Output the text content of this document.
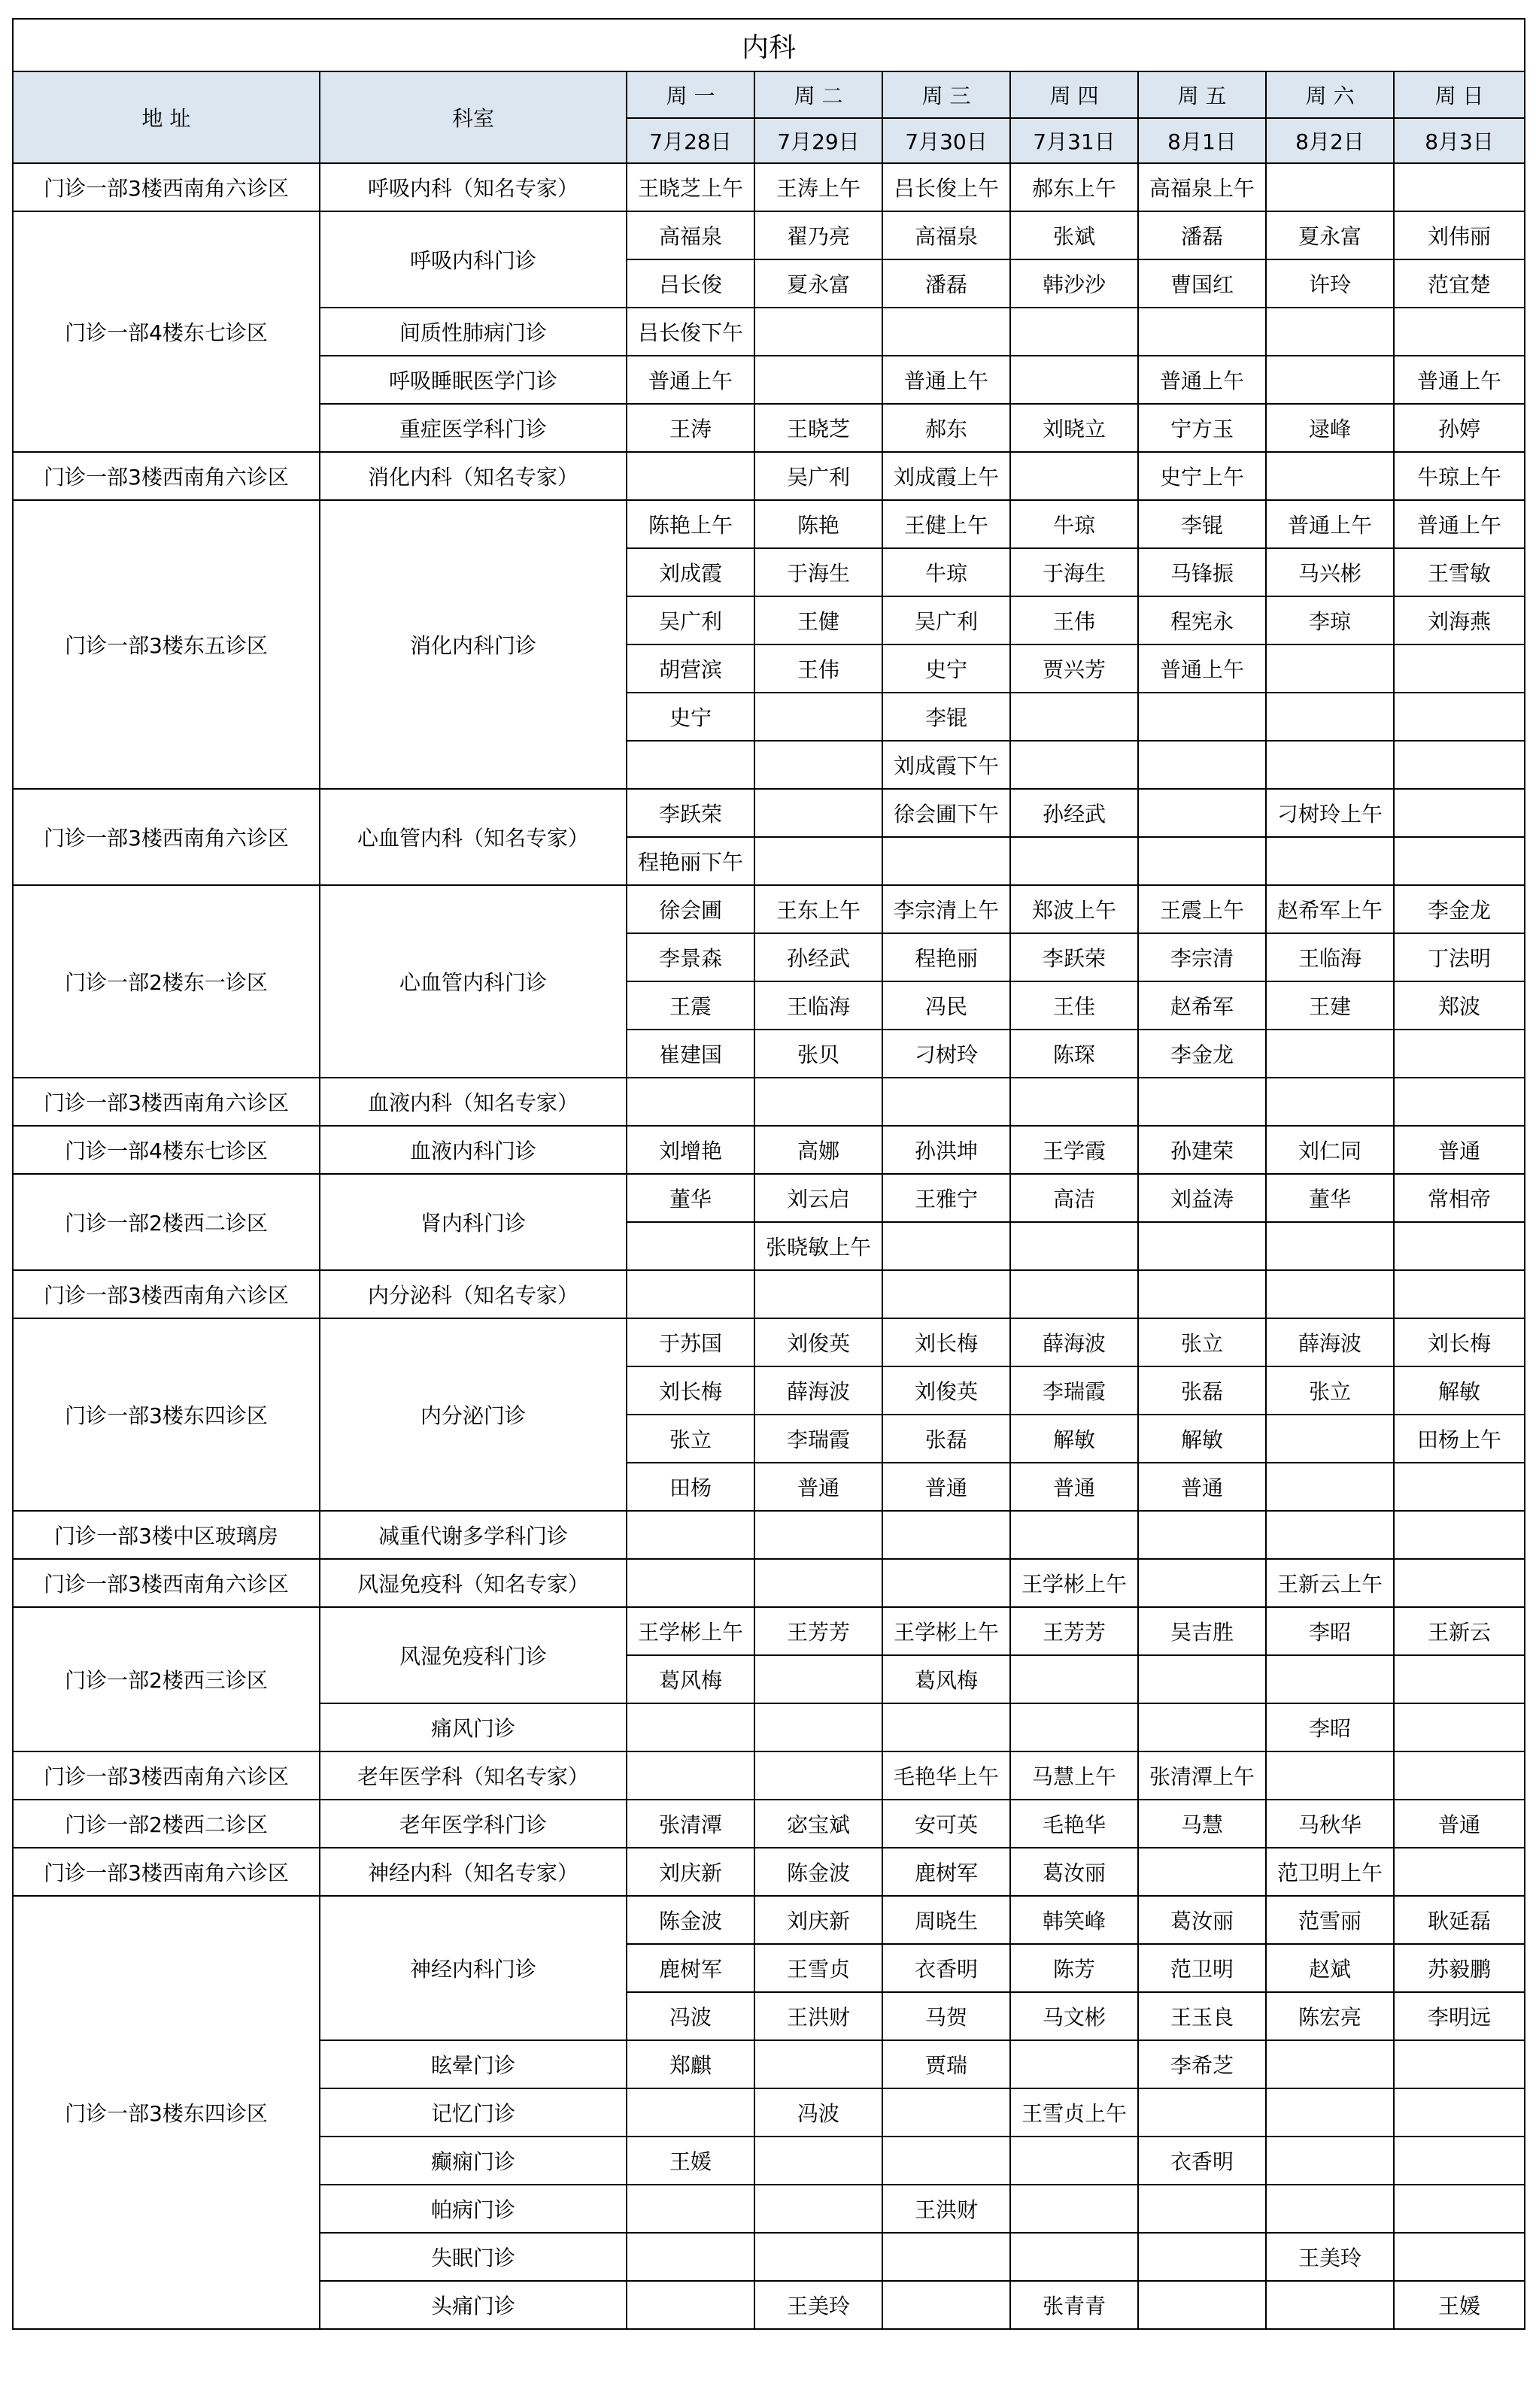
内科								
地 址	科室	周 一	周 二	周 三	周 四	周 五	周 六	周 日
		7月28日	7月29日	7月30日	7月31日	8月1日	8月2日	8月3日
门诊一部3楼西南角六诊区	呼吸内科（知名专家）	王晓芝上午	王涛上午	吕长俊上午	郝东上午	高福泉上午		
门诊一部4楼东七诊区	呼吸内科门诊	高福泉	翟乃亮	高福泉	张斌	潘磊	夏永富	刘伟丽
		吕长俊	夏永富	潘磊	韩沙沙	曹国红	许玲	范宜楚
	间质性肺病门诊	吕长俊下午						
	呼吸睡眠医学门诊	普通上午		普通上午		普通上午		普通上午
	重症医学科门诊	王涛	王晓芝	郝东	刘晓立	宁方玉	逯峰	孙婷
门诊一部3楼西南角六诊区	消化内科（知名专家）		吴广利	刘成霞上午		史宁上午		牛琼上午
门诊一部3楼东五诊区	消化内科门诊	陈艳上午	陈艳	王健上午	牛琼	李锟	普通上午	普通上午
		刘成霞	于海生	牛琼	于海生	马锋振	马兴彬	王雪敏
		吴广利	王健	吴广利	王伟	程宪永	李琼	刘海燕
		胡营滨	王伟	史宁	贾兴芳	普通上午		
		史宁		李锟				
				刘成霞下午				
门诊一部3楼西南角六诊区	心血管内科（知名专家）	李跃荣		徐会圃下午	孙经武		刁树玲上午	
		程艳丽下午						
门诊一部2楼东一诊区	心血管内科门诊	徐会圃	王东上午	李宗清上午	郑波上午	王震上午	赵希军上午	李金龙
		李景森	孙经武	程艳丽	李跃荣	李宗清	王临海	丁法明
		王震	王临海	冯民	王佳	赵希军	王建	郑波
		崔建国	张贝	刁树玲	陈琛	李金龙		
门诊一部3楼西南角六诊区	血液内科（知名专家）							
门诊一部4楼东七诊区	血液内科门诊	刘增艳	高娜	孙洪坤	王学霞	孙建荣	刘仁同	普通
门诊一部2楼西二诊区	肾内科门诊	董华	刘云启	王雅宁	高洁	刘益涛	董华	常相帝
			张晓敏上午					
门诊一部3楼西南角六诊区	内分泌科（知名专家）							
门诊一部3楼东四诊区	内分泌门诊	于苏国	刘俊英	刘长梅	薛海波	张立	薛海波	刘长梅
		刘长梅	薛海波	刘俊英	李瑞霞	张磊	张立	解敏
		张立	李瑞霞	张磊	解敏	解敏		田杨上午
		田杨	普通	普通	普通	普通		
门诊一部3楼中区玻璃房	减重代谢多学科门诊							
门诊一部3楼西南角六诊区	风湿免疫科（知名专家）				王学彬上午		王新云上午	
门诊一部2楼西三诊区	风湿免疫科门诊	王学彬上午	王芳芳	王学彬上午	王芳芳	吴吉胜	李昭	王新云
		葛风梅		葛风梅				
	痛风门诊						李昭	
门诊一部3楼西南角六诊区	老年医学科（知名专家）			毛艳华上午	马慧上午	张清潭上午		
门诊一部2楼西二诊区	老年医学科门诊	张清潭	宓宝斌	安可英	毛艳华	马慧	马秋华	普通
门诊一部3楼西南角六诊区	神经内科（知名专家）	刘庆新	陈金波	鹿树军	葛汝丽		范卫明上午	
门诊一部3楼东四诊区	神经内科门诊	陈金波	刘庆新	周晓生	韩笑峰	葛汝丽	范雪丽	耿延磊
		鹿树军	王雪贞	衣香明	陈芳	范卫明	赵斌	苏毅鹏
		冯波	王洪财	马贺	马文彬	王玉良	陈宏亮	李明远
	眩晕门诊	郑麒		贾瑞		李希芝		
	记忆门诊		冯波		王雪贞上午			
	癫痫门诊	王媛				衣香明		
	帕病门诊			王洪财				
	失眠门诊						王美玲	
	头痛门诊		王美玲		张青青			王媛
